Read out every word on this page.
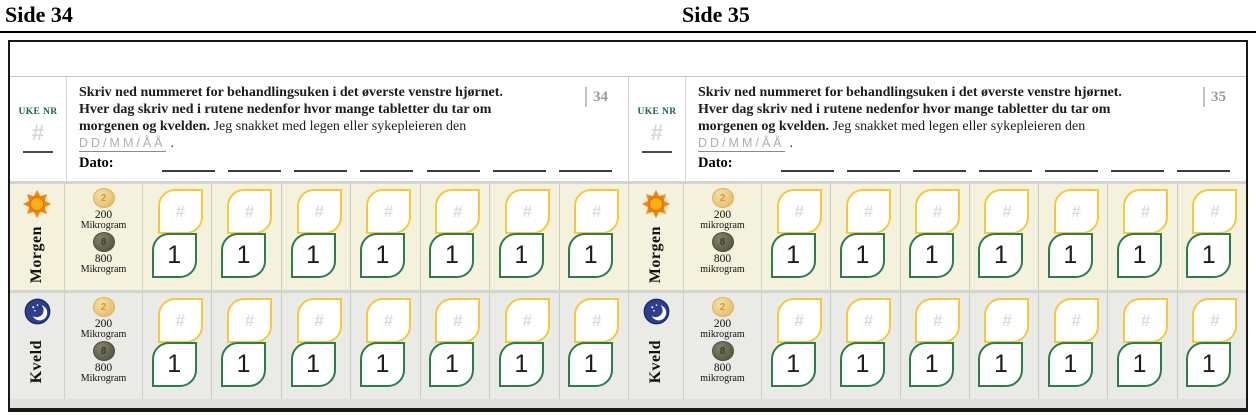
Side 34	Side 35
UKE NR
#
34
Skriv ned nummeret for behandlingsuken i det øverste venstre hjørnet.
Hver dag skriv ned i rutene nedenfor hvor mange tabletter du tar om
morgenen og kvelden. Jeg snakket med legen eller sykepleieren den
DD/MM/ÅÅ .
Dato:
Morgen
2
200
Mikrogram
8
800
Mikrogram
#
1
#
1
#
1
#
1
#
1
#
1
#
1
Kveld
2
200
Mikrogram
8
800
Mikrogram
#
1
#
1
#
1
#
1
#
1
#
1
#
1
UKE NR
#
35
Skriv ned nummeret for behandlingsuken i det øverste venstre hjørnet.
Hver dag skriv ned i rutene nedenfor hvor mange tabletter du tar om
morgenen og kvelden. Jeg snakket med legen eller sykepleieren den
DD/MM/ÅÅ .
Dato:
Morgen
2
200
mikrogram
8
800
mikrogram
#
1
#
1
#
1
#
1
#
1
#
1
#
1
Kveld
2
200
mikrogram
8
800
mikrogram
#
1
#
1
#
1
#
1
#
1
#
1
#
1
